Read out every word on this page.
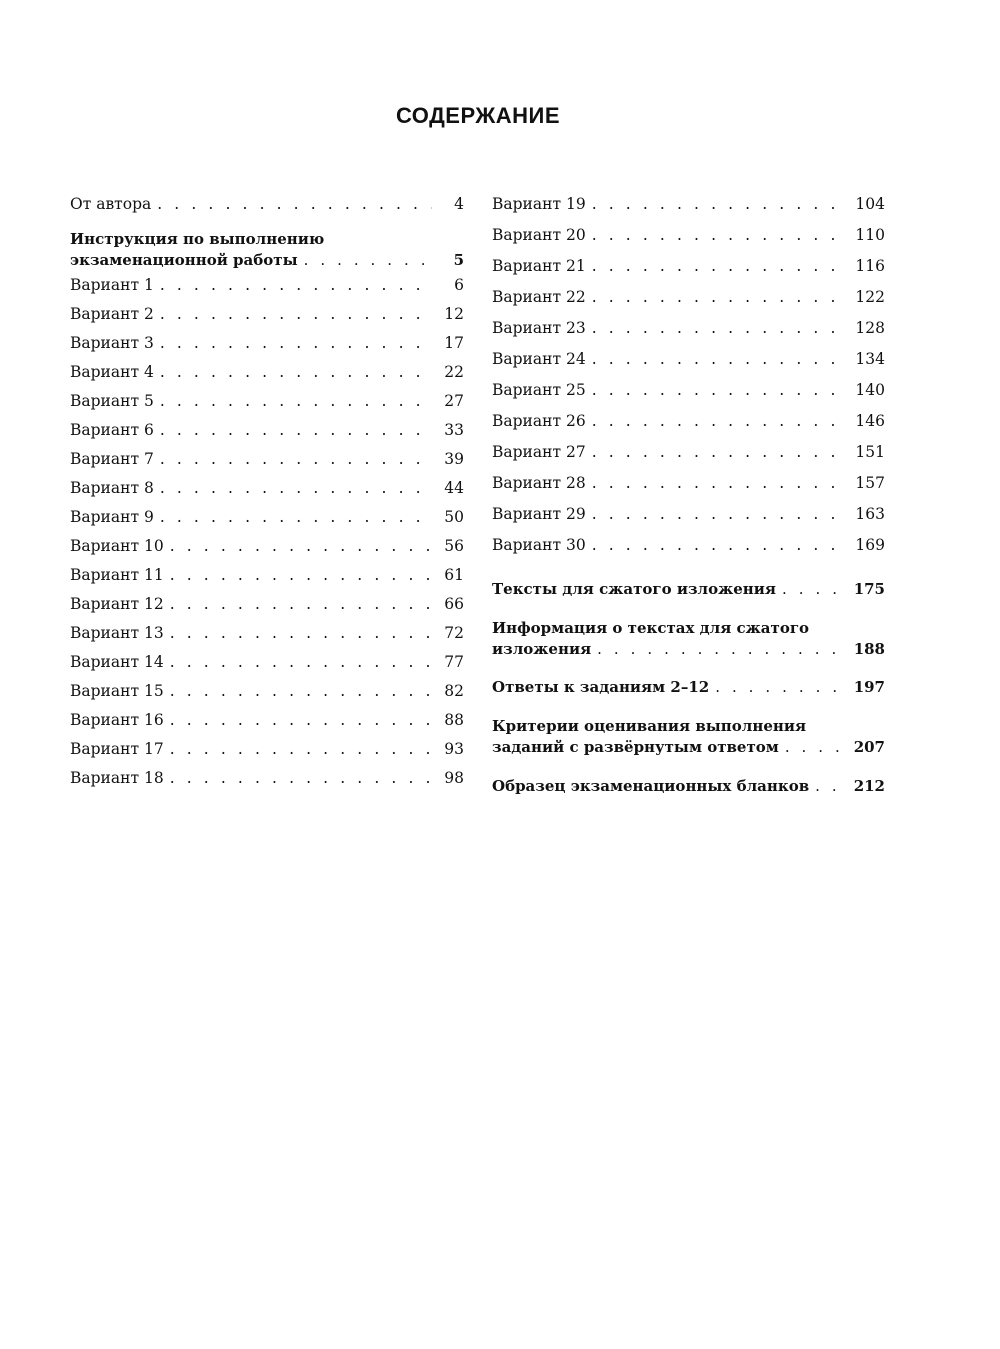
СОДЕРЖАНИЕ
От автора . . .	4
Инструкция по выполнению
экзаменационной работы . . .	5
Вариант 1 . . .	6
Вариант 2 . . .	12
Вариант 3 . . .	17
Вариант 4 . . .	22
Вариант 5 . . .	27
Вариант 6 . . .	33
Вариант 7 . . .	39
Вариант 8 . . .	44
Вариант 9 . . .	50
Вариант 10 . . .	56
Вариант 11 . . .	61
Вариант 12 . . .	66
Вариант 13 . . .	72
Вариант 14 . . .	77
Вариант 15 . . .	82
Вариант 16 . . .	88
Вариант 17 . . .	93
Вариант 18 . . .	98
Вариант 19 . . .	104
Вариант 20 . . .	110
Вариант 21 . . .	116
Вариант 22 . . .	122
Вариант 23 . . .	128
Вариант 24 . . .	134
Вариант 25 . . .	140
Вариант 26 . . .	146
Вариант 27 . . .	151
Вариант 28 . . .	157
Вариант 29 . . .	163
Вариант 30 . . .	169
Тексты для сжатого изложения . . .	175
Информация о текстах для сжатого
изложения . . .	188
Ответы к заданиям 2–12 . . .	197
Критерии оценивания выполнения
заданий с развёрнутым ответом . . .	207
Образец экзаменационных бланков . . .	212
